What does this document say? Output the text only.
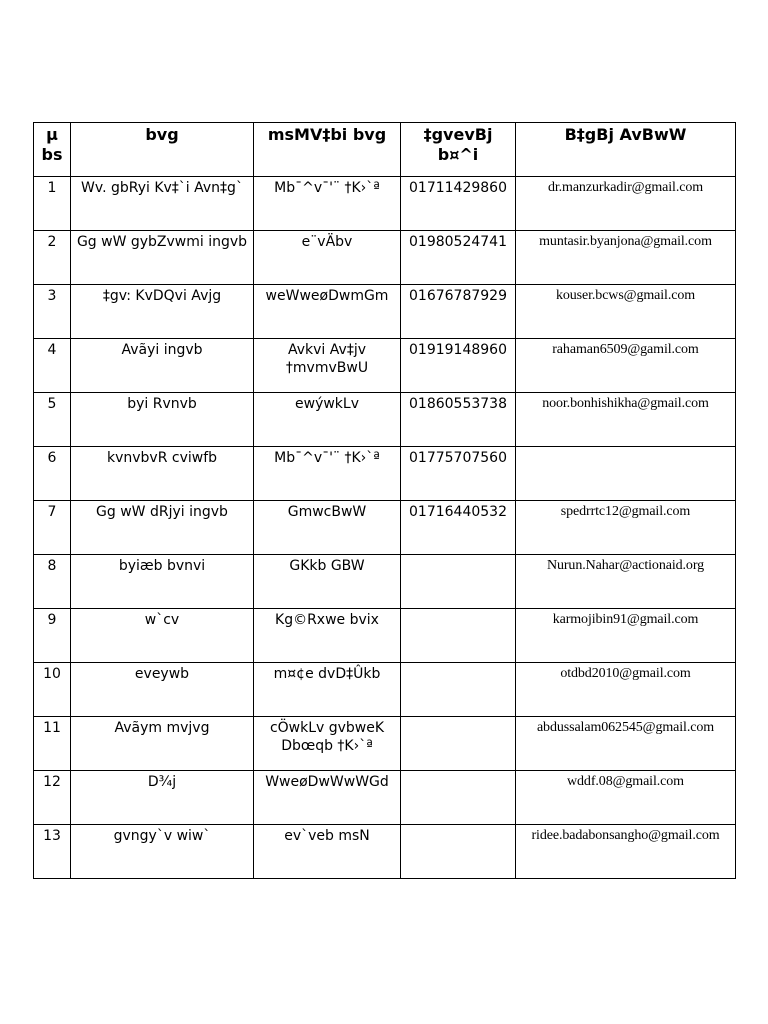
µ bs	bvg	msMV‡bi bvg	‡gvevBj b¤^i	B‡gBj AvBwW
1	Wv. gbRyi Kv‡`i Avn‡g`	Mb¯^v¯'¨ †K›`ª	01711429860	dr.manzurkadir@gmail.com
2	Gg wW gybZvwmi ingvb	e¨vÄbv	01980524741	muntasir.byanjona@gmail.com
3	‡gv: KvDQvi Avjg	weWweøDwmGm	01676787929	kouser.bcws@gmail.com
4	Avãyi ingvb	Avkvi Av‡jv †mvmvBwU	01919148960	rahaman6509@gamil.com
5	byi Rvnvb	ewýwkLv	01860553738	noor.bonhishikha@gmail.com
6	kvnvbvR cviwfb	Mb¯^v¯'¨ †K›`ª	01775707560	
7	Gg wW dRjyi ingvb	GmwcBwW	01716440532	spedrrtc12@gmail.com
8	byiæb bvnvi	GKkb GBW		Nurun.Nahar@actionaid.org
9	w`cv	Kg©Rxwe bvix		karmojibin91@gmail.com
10	eveywb	m¤¢e dvD‡Ûkb		otdbd2010@gmail.com
11	Avãym mvjvg	cÖwkLv gvbweK Dbœqb †K›`ª		abdussalam062545@gmail.com
12	D¾j	WweøDwWwWGd		wddf.08@gmail.com
13	gvngy`v wiw`	ev`veb msN		ridee.badabonsangho@gmail.com
